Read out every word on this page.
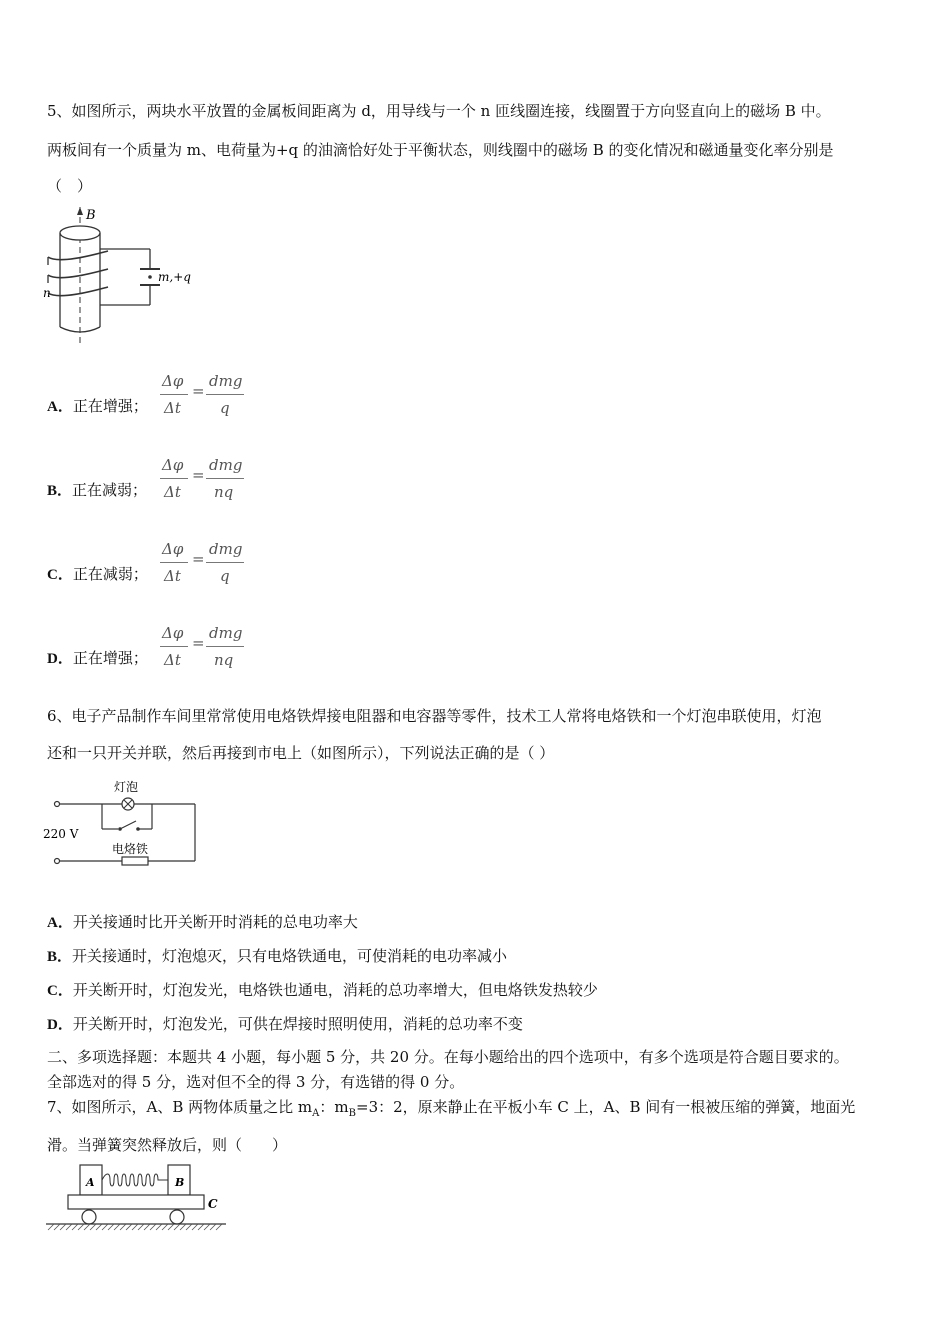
5、如图所示，两块水平放置的金属板间距离为 d，用导线与一个 n 匝线圈连接，线圈置于方向竖直向上的磁场 B 中。
两板间有一个质量为 m、电荷量为+q 的油滴恰好处于平衡状态，则线圈中的磁场 B 的变化情况和磁通量变化率分别是
（　）
B
m,+q
n
A．正在增强；
Δφ
Δt
=
dmg
q
B．正在减弱；
Δφ
Δt
=
dmg
nq
C．正在减弱；
Δφ
Δt
=
dmg
q
D．正在增强；
Δφ
Δt
=
dmg
nq
6、电子产品制作车间里常常使用电烙铁焊接电阻器和电容器等零件，技术工人常将电烙铁和一个灯泡串联使用，灯泡
还和一只开关并联，然后再接到市电上（如图所示），下列说法正确的是（ ）
灯泡
220 V
电烙铁
A．开关接通时比开关断开时消耗的总电功率大
B．开关接通时，灯泡熄灭，只有电烙铁通电，可使消耗的电功率减小
C．开关断开时，灯泡发光，电烙铁也通电，消耗的总功率增大，但电烙铁发热较少
D．开关断开时，灯泡发光，可供在焊接时照明使用，消耗的总功率不变
二、多项选择题：本题共 4 小题，每小题 5 分，共 20 分。在每小题给出的四个选项中，有多个选项是符合题目要求的。
全部选对的得 5 分，选对但不全的得 3 分，有选错的得 0 分。
7、如图所示，A、B 两物体质量之比 $m_A$：$m_B=3$：2，原来静止在平板小车 C 上，A、B 间有一根被压缩的弹簧，地面光
滑。当弹簧突然释放后，则（　　）
A	B
C
